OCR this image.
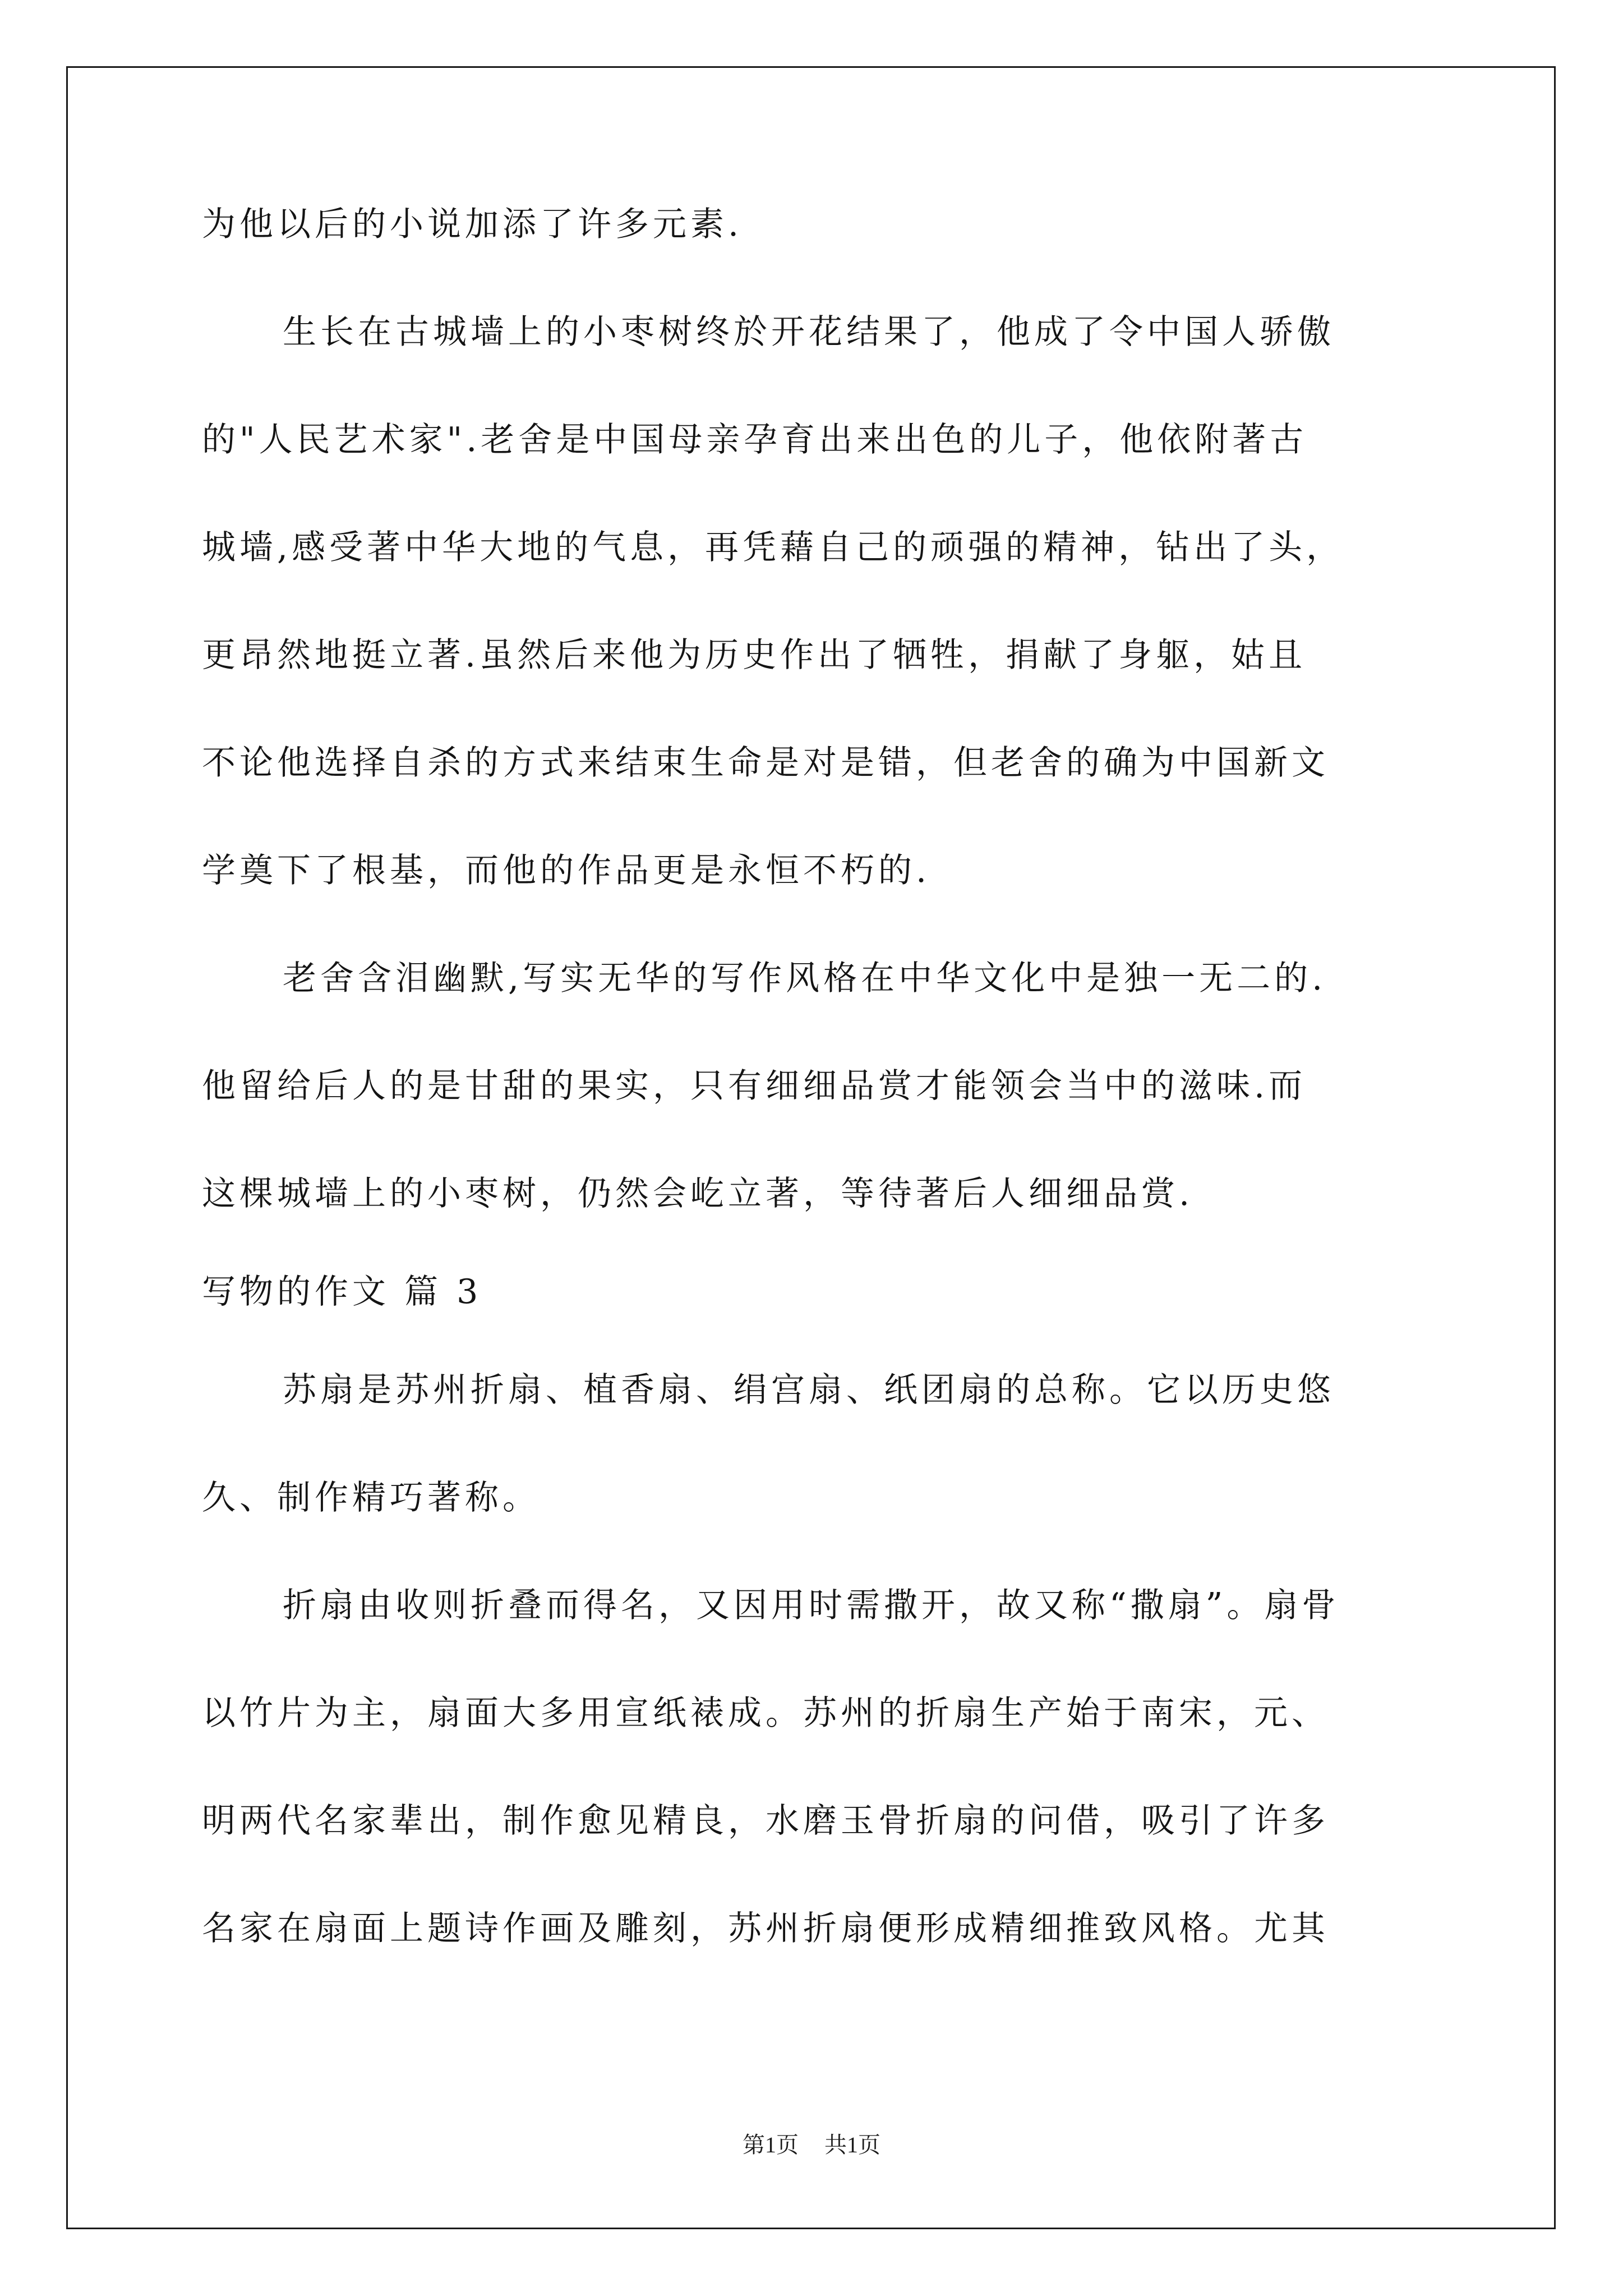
为他以后的小说加添了许多元素.
生长在古城墙上的小枣树终於开花结果了，他成了令中国人骄傲
的"人民艺术家".老舍是中国母亲孕育出来出色的儿子，他依附著古
城墙,感受著中华大地的气息，再凭藉自己的顽强的精神，钻出了头，
更昂然地挺立著.虽然后来他为历史作出了牺牲，捐献了身躯，姑且
不论他选择自杀的方式来结束生命是对是错，但老舍的确为中国新文
学奠下了根基，而他的作品更是永恒不朽的.
老舍含泪幽默,写实无华的写作风格在中华文化中是独一无二的.
他留给后人的是甘甜的果实，只有细细品赏才能领会当中的滋味.而
这棵城墙上的小枣树，仍然会屹立著，等待著后人细细品赏.
写物的作文 篇 3
苏扇是苏州折扇、植香扇、绢宫扇、纸团扇的总称。它以历史悠
久、制作精巧著称。
折扇由收则折叠而得名，又因用时需撒开，故又称“撒扇”。扇骨
以竹片为主，扇面大多用宣纸裱成。苏州的折扇生产始于南宋，元、
明两代名家辈出，制作愈见精良，水磨玉骨折扇的问借，吸引了许多
名家在扇面上题诗作画及雕刻，苏州折扇便形成精细推致风格。尤其
第1页 共1页
